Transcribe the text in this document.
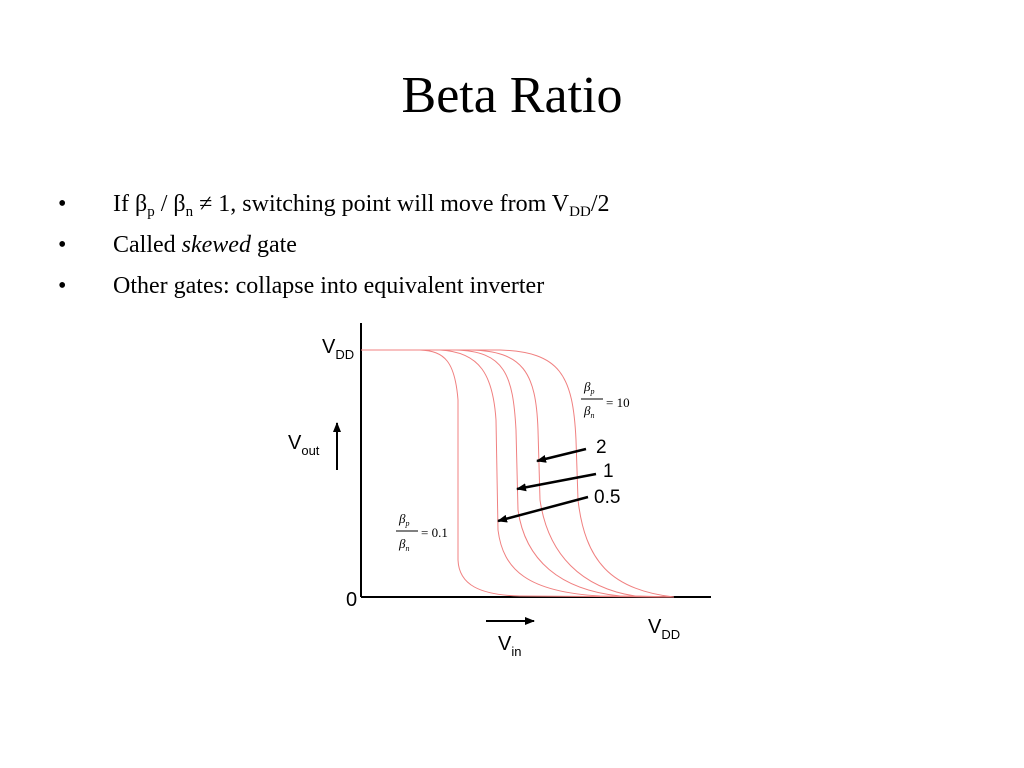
Beta Ratio
• If $\beta_p / \beta_n \ne 1$, switching point will move from $V_{DD}/2$
• Called skewed gate
• Other gates: collapse into equivalent inverter
$V_{DD}$
$V_{out}$
0
$V_{DD}$
$V_{in}$
$\beta_p$
$\beta_n$
= 10
$\beta_p$
$\beta_n$
= 0.1
2
1
0.5
